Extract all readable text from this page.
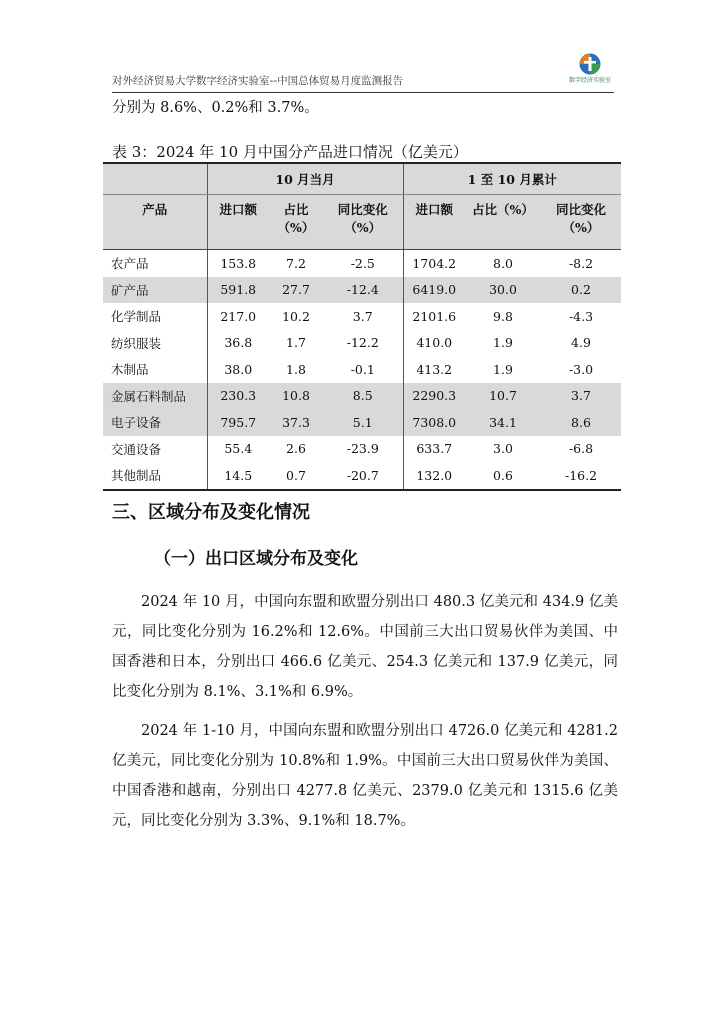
对外经济贸易大学数字经济实验室--中国总体贸易月度监测报告	数字经济实验室
分别为 8.6%、0.2%和 3.7%。
表 3：2024 年 10 月中国分产品进口情况（亿美元）
	10 月当月			1 至 10 月累计		
产品	进口额	占比（%）	同比变化（%）	进口额	占比（%）	同比变化（%）
农产品	153.8	7.2	-2.5	1704.2	8.0	-8.2
矿产品	591.8	27.7	-12.4	6419.0	30.0	0.2
化学制品	217.0	10.2	3.7	2101.6	9.8	-4.3
纺织服装	36.8	1.7	-12.2	410.0	1.9	4.9
木制品	38.0	1.8	-0.1	413.2	1.9	-3.0
金属石料制品	230.3	10.8	8.5	2290.3	10.7	3.7
电子设备	795.7	37.3	5.1	7308.0	34.1	8.6
交通设备	55.4	2.6	-23.9	633.7	3.0	-6.8
其他制品	14.5	0.7	-20.7	132.0	0.6	-16.2
三、区域分布及变化情况
（一）出口区域分布及变化

2024 年 10 月，中国向东盟和欧盟分别出口 480.3 亿美元和 434.9 亿美元，同比变化分别为 16.2%和 12.6%。中国前三大出口贸易伙伴为美国、中国香港和日本，分别出口 466.6 亿美元、254.3 亿美元和 137.9 亿美元，同比变化分别为 8.1%、3.1%和 6.9%。

2024 年 1-10 月，中国向东盟和欧盟分别出口 4726.0 亿美元和 4281.2 亿美元，同比变化分别为 10.8%和 1.9%。中国前三大出口贸易伙伴为美国、中国香港和越南，分别出口 4277.8 亿美元、2379.0 亿美元和 1315.6 亿美元，同比变化分别为 3.3%、9.1%和 18.7%。
